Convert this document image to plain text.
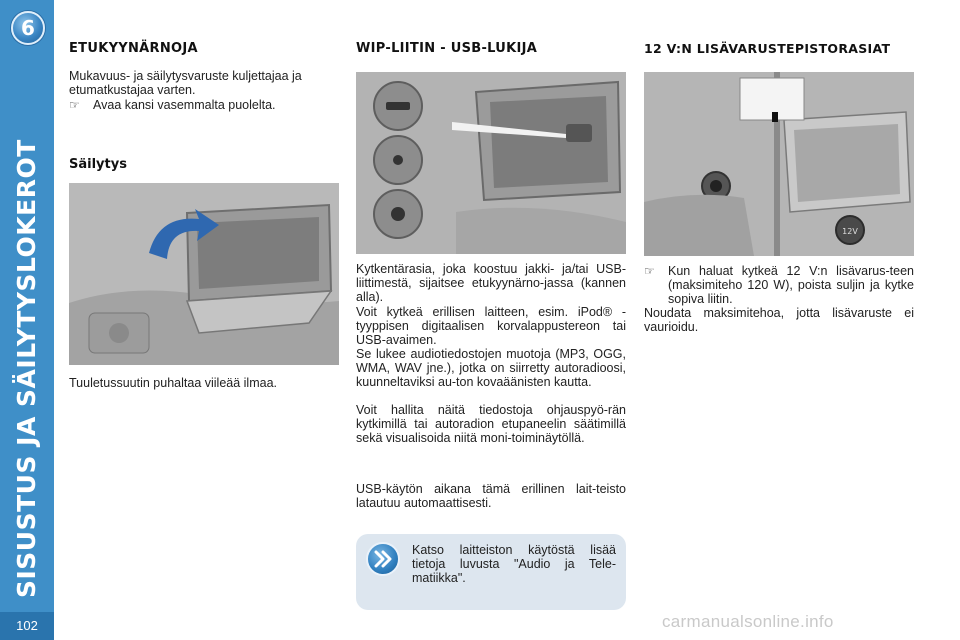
6
SISUSTUS JA SÄILYTYSLOKEROT
102
ETUKYYNÄRNOJA
Mukavuus- ja säilytysvaruste kuljettajaa ja etumatkustajaa varten.
☞	Avaa kansi vasemmalta puolelta.
Säilytys
Tuuletussuutin puhaltaa viileää ilmaa.
WIP-LIITIN - USB-LUKIJA
Kytkentärasia, joka koostuu jakki- ja/tai USB-liittimestä, sijaitsee etukyynärno-jassa (kannen alla).
Voit kytkeä erillisen laitteen, esim. iPod® -tyyppisen digitaalisen korvalappustereon tai USB-avaimen.
Se lukee audiotiedostojen muotoja (MP3, OGG, WMA, WAV jne.), jotka on siirretty autoradioosi, kuunneltaviksi au-ton kovaäänisten kautta.
Voit hallita näitä tiedostoja ohjauspyö-rän kytkimillä tai autoradion etupaneelin säätimillä sekä visualisoida niitä moni-toiminäytöllä.
USB-käytön aikana tämä erillinen lait-teisto latautuu automaattisesti.
Katso laitteiston käytöstä lisää tietoja luvusta "Audio ja Tele-matiikka".
12 V:N LISÄVARUSTEPISTORASIAT
12V
☞	Kun haluat kytkeä 12 V:n lisävarus-teen (maksimiteho 120 W), poista suljin ja kytke sopiva liitin.
Noudata maksimitehoa, jotta lisävaruste ei vaurioidu.
carmanualsonline.info
